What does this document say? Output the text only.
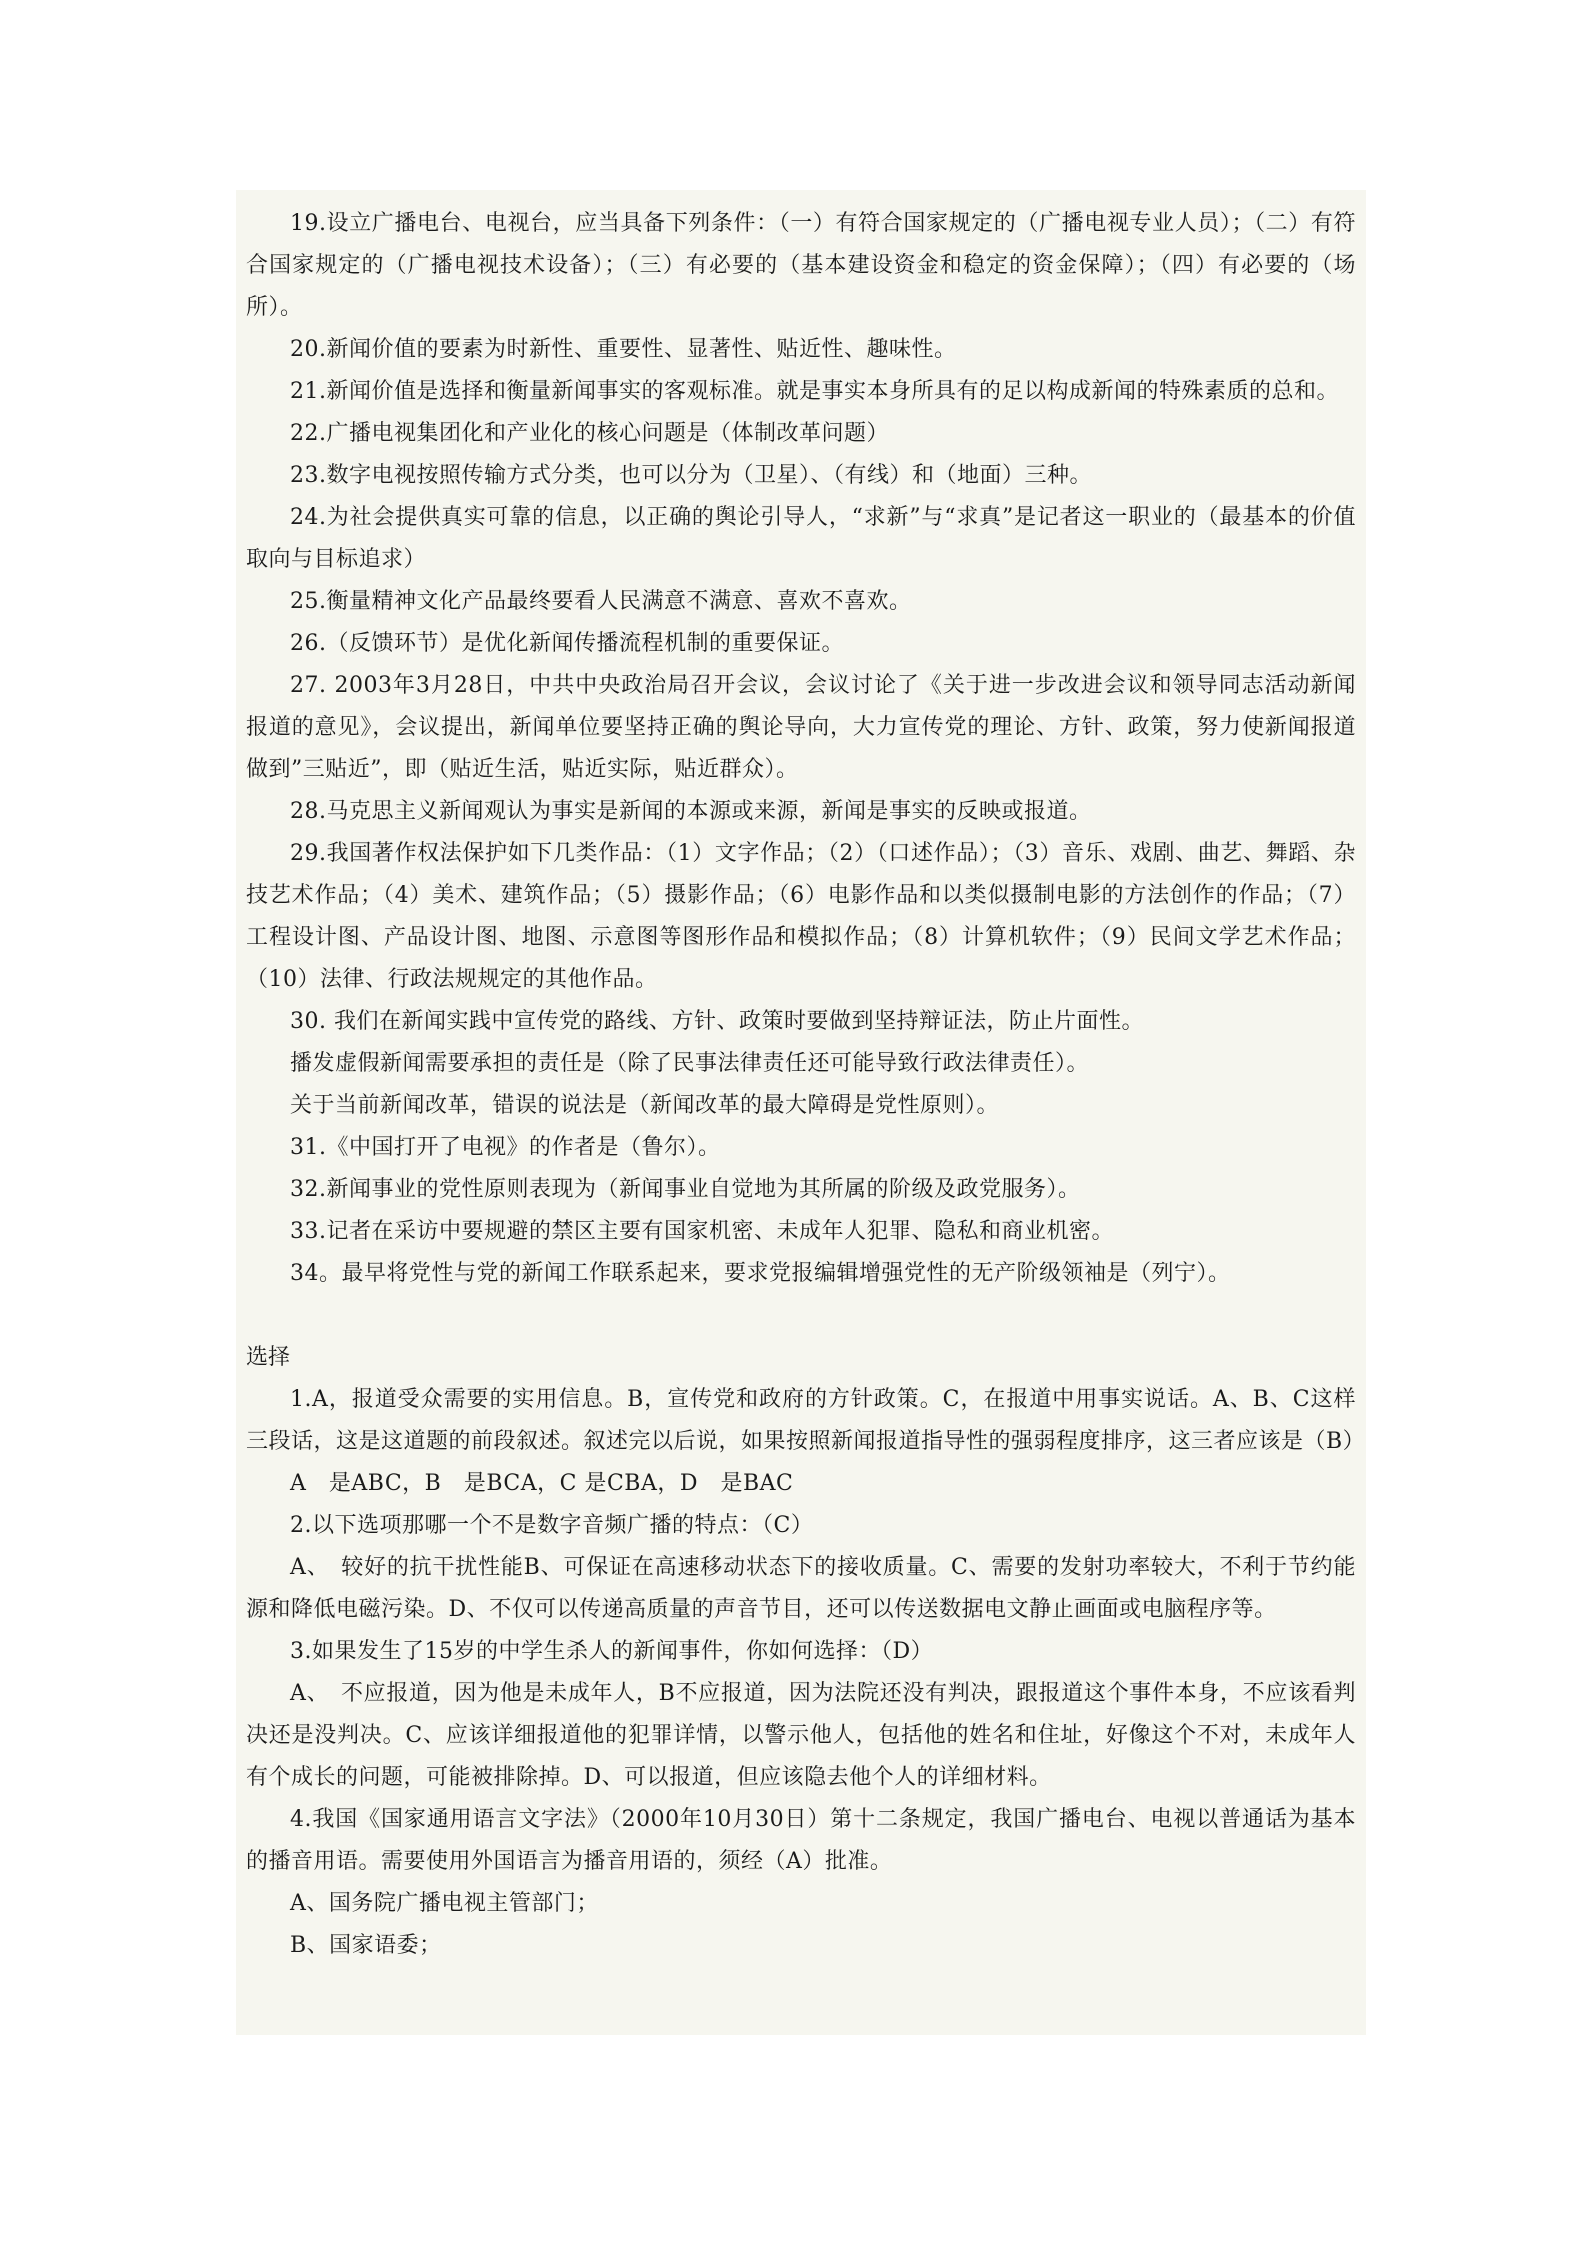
19.设立广播电台、电视台，应当具备下列条件：（一）有符合国家规定的（广播电视专业人员）；（二）有符合国家规定的（广播电视技术设备）；（三）有必要的（基本建设资金和稳定的资金保障）；（四）有必要的（场所）。

20.新闻价值的要素为时新性、重要性、显著性、贴近性、趣味性。

21.新闻价值是选择和衡量新闻事实的客观标准。就是事实本身所具有的足以构成新闻的特殊素质的总和。

22.广播电视集团化和产业化的核心问题是（体制改革问题）

23.数字电视按照传输方式分类，也可以分为（卫星）、（有线）和（地面）三种。

24.为社会提供真实可靠的信息，以正确的舆论引导人，“求新”与“求真”是记者这一职业的（最基本的价值取向与目标追求）

25.衡量精神文化产品最终要看人民满意不满意、喜欢不喜欢。

26.（反馈环节）是优化新闻传播流程机制的重要保证。

27. 2003年3月28日，中共中央政治局召开会议，会议讨论了《关于进一步改进会议和领导同志活动新闻报道的意见》，会议提出，新闻单位要坚持正确的舆论导向，大力宣传党的理论、方针、政策，努力使新闻报道做到”三贴近”，即（贴近生活，贴近实际，贴近群众）。

28.马克思主义新闻观认为事实是新闻的本源或来源，新闻是事实的反映或报道。

29.我国著作权法保护如下几类作品：（1）文字作品；（2）（口述作品）；（3）音乐、戏剧、曲艺、舞蹈、杂技艺术作品；（4）美术、建筑作品；（5）摄影作品；（6）电影作品和以类似摄制电影的方法创作的作品；（7）工程设计图、产品设计图、地图、示意图等图形作品和模拟作品；（8）计算机软件；（9）民间文学艺术作品；（10）法律、行政法规规定的其他作品。

30. 我们在新闻实践中宣传党的路线、方针、政策时要做到坚持辩证法，防止片面性。

播发虚假新闻需要承担的责任是（除了民事法律责任还可能导致行政法律责任）。

关于当前新闻改革，错误的说法是（新闻改革的最大障碍是党性原则）。

31.《中国打开了电视》的作者是（鲁尔）。

32.新闻事业的党性原则表现为（新闻事业自觉地为其所属的阶级及政党服务）。

33.记者在采访中要规避的禁区主要有国家机密、未成年人犯罪、隐私和商业机密。

34。最早将党性与党的新闻工作联系起来，要求党报编辑增强党性的无产阶级领袖是（列宁）。

选择

1.A，报道受众需要的实用信息。B，宣传党和政府的方针政策。C，在报道中用事实说话。A、B、C这样三段话，这是这道题的前段叙述。叙述完以后说，如果按照新闻报道指导性的强弱程度排序，这三者应该是（B）

A　是ABC，B　是BCA，C 是CBA，D　是BAC

2.以下选项那哪一个不是数字音频广播的特点：（C）

A、　较好的抗干扰性能B、可保证在高速移动状态下的接收质量。C、需要的发射功率较大，不利于节约能源和降低电磁污染。D、不仅可以传递高质量的声音节目，还可以传送数据电文静止画面或电脑程序等。

3.如果发生了15岁的中学生杀人的新闻事件，你如何选择：（D）

A、　不应报道，因为他是未成年人，B不应报道，因为法院还没有判决，跟报道这个事件本身，不应该看判决还是没判决。C、应该详细报道他的犯罪详情，以警示他人，包括他的姓名和住址，好像这个不对，未成年人有个成长的问题，可能被排除掉。D、可以报道，但应该隐去他个人的详细材料。

4.我国《国家通用语言文字法》（2000年10月30日）第十二条规定，我国广播电台、电视以普通话为基本的播音用语。需要使用外国语言为播音用语的，须经（A）批准。

A、国务院广播电视主管部门；

B、国家语委；
